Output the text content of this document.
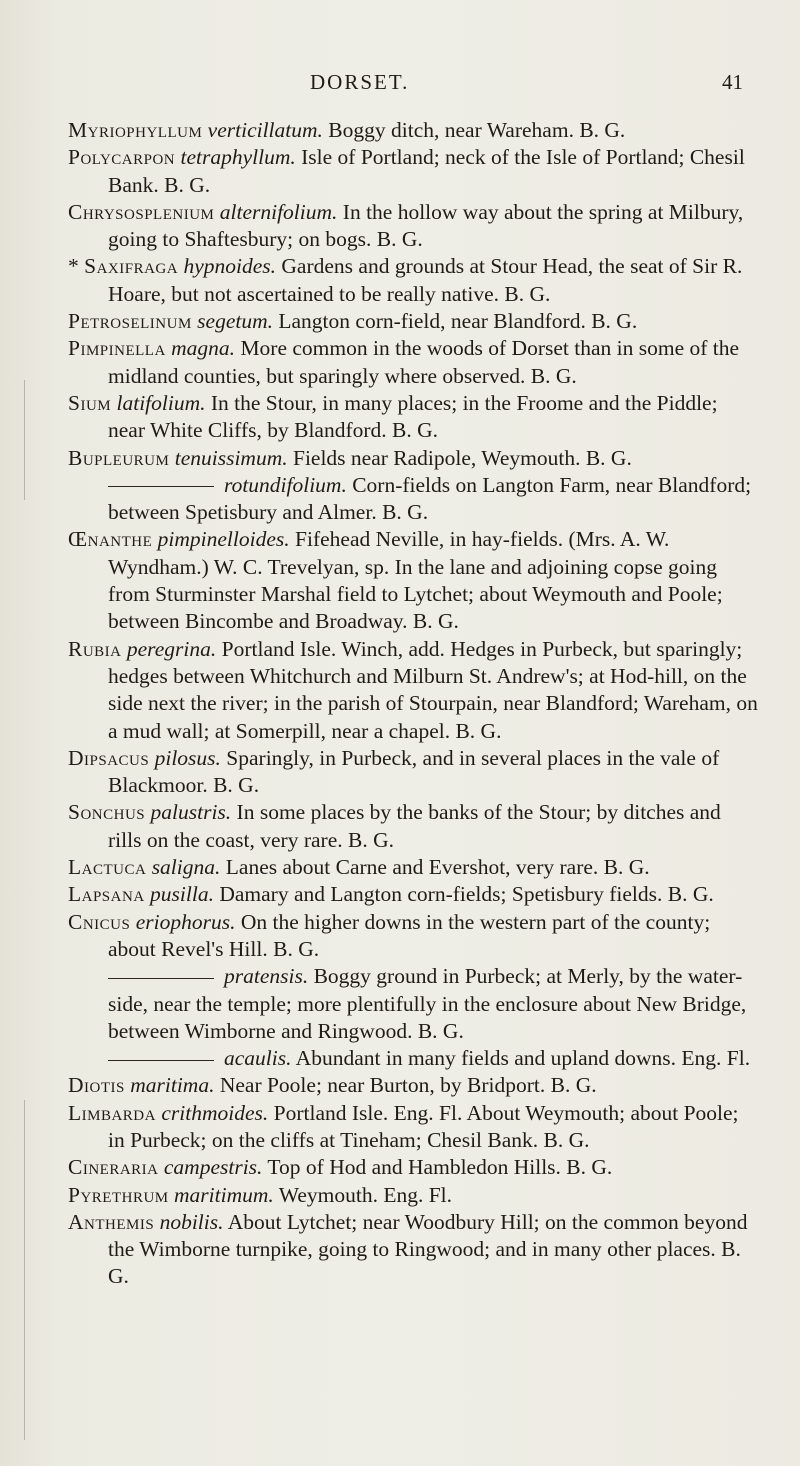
DORSET.	41

Myriophyllum verticillatum. Boggy ditch, near Wareham. B. G.

Polycarpon tetraphyllum. Isle of Portland; neck of the Isle of Portland; Chesil Bank. B. G.

Chrysosplenium alternifolium. In the hollow way about the spring at Milbury, going to Shaftesbury; on bogs. B. G.

* Saxifraga hypnoides. Gardens and grounds at Stour Head, the seat of Sir R. Hoare, but not ascertained to be really native. B. G.

Petroselinum segetum. Langton corn-field, near Blandford. B. G.

Pimpinella magna. More common in the woods of Dorset than in some of the midland counties, but sparingly where observed. B. G.

Sium latifolium. In the Stour, in many places; in the Froome and the Piddle; near White Cliffs, by Blandford. B. G.

Bupleurum tenuissimum. Fields near Radipole, Weymouth. B. G.

rotundifolium. Corn-fields on Langton Farm, near Blandford; between Spetisbury and Almer. B. G.

Œnanthe pimpinelloides. Fifehead Neville, in hay-fields. (Mrs. A. W. Wyndham.) W. C. Trevelyan, sp. In the lane and adjoining copse going from Sturminster Marshal field to Lytchet; about Weymouth and Poole; between Bincombe and Broadway. B. G.

Rubia peregrina. Portland Isle. Winch, add. Hedges in Purbeck, but sparingly; hedges between Whitchurch and Milburn St. Andrew's; at Hod-hill, on the side next the river; in the parish of Stourpain, near Blandford; Wareham, on a mud wall; at Somerpill, near a chapel. B. G.

Dipsacus pilosus. Sparingly, in Purbeck, and in several places in the vale of Blackmoor. B. G.

Sonchus palustris. In some places by the banks of the Stour; by ditches and rills on the coast, very rare. B. G.

Lactuca saligna. Lanes about Carne and Evershot, very rare. B. G.

Lapsana pusilla. Damary and Langton corn-fields; Spetisbury fields. B. G.

Cnicus eriophorus. On the higher downs in the western part of the county; about Revel's Hill. B. G.

pratensis. Boggy ground in Purbeck; at Merly, by the water-side, near the temple; more plentifully in the enclosure about New Bridge, between Wimborne and Ringwood. B. G.

acaulis. Abundant in many fields and upland downs. Eng. Fl.

Diotis maritima. Near Poole; near Burton, by Bridport. B. G.

Limbarda crithmoides. Portland Isle. Eng. Fl. About Weymouth; about Poole; in Purbeck; on the cliffs at Tineham; Chesil Bank. B. G.

Cineraria campestris. Top of Hod and Hambledon Hills. B. G.

Pyrethrum maritimum. Weymouth. Eng. Fl.

Anthemis nobilis. About Lytchet; near Woodbury Hill; on the common beyond the Wimborne turnpike, going to Ringwood; and in many other places. B. G.
